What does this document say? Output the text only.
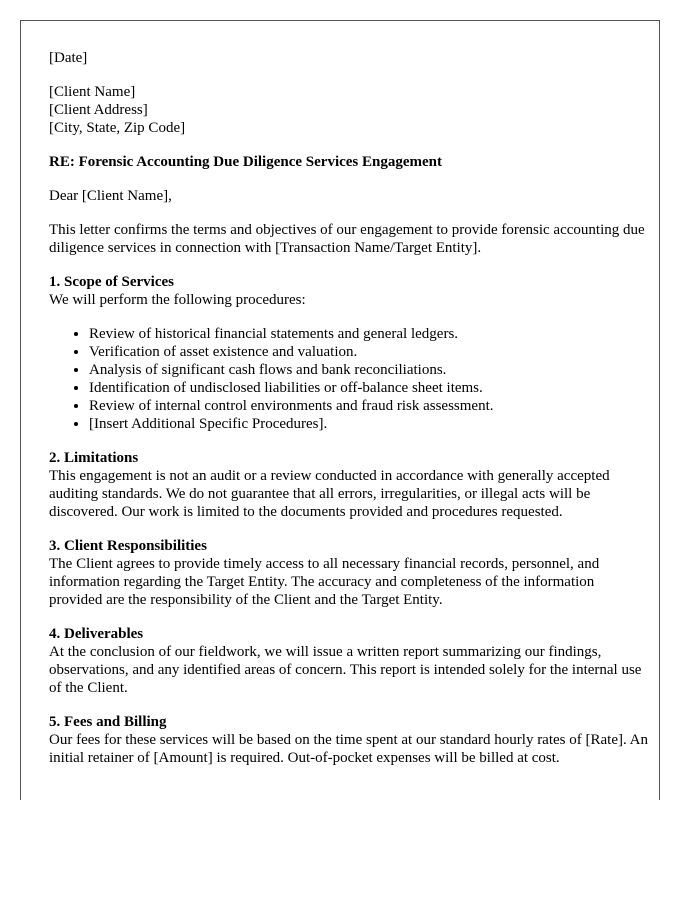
[Date]

[Client Name]
[Client Address]
[City, State, Zip Code]

RE: Forensic Accounting Due Diligence Services Engagement

Dear [Client Name],

This letter confirms the terms and objectives of our engagement to provide forensic accounting due diligence services in connection with [Transaction Name/Target Entity].

1. Scope of Services
We will perform the following procedures:
• Review of historical financial statements and general ledgers.
• Verification of asset existence and valuation.
• Analysis of significant cash flows and bank reconciliations.
• Identification of undisclosed liabilities or off-balance sheet items.
• Review of internal control environments and fraud risk assessment.
• [Insert Additional Specific Procedures].
2. Limitations
This engagement is not an audit or a review conducted in accordance with generally accepted auditing standards. We do not guarantee that all errors, irregularities, or illegal acts will be discovered. Our work is limited to the documents provided and procedures requested.
3. Client Responsibilities
The Client agrees to provide timely access to all necessary financial records, personnel, and information regarding the Target Entity. The accuracy and completeness of the information provided are the responsibility of the Client and the Target Entity.
4. Deliverables
At the conclusion of our fieldwork, we will issue a written report summarizing our findings, observations, and any identified areas of concern. This report is intended solely for the internal use of the Client.
5. Fees and Billing
Our fees for these services will be based on the time spent at our standard hourly rates of [Rate]. An initial retainer of [Amount] is required. Out-of-pocket expenses will be billed at cost.
